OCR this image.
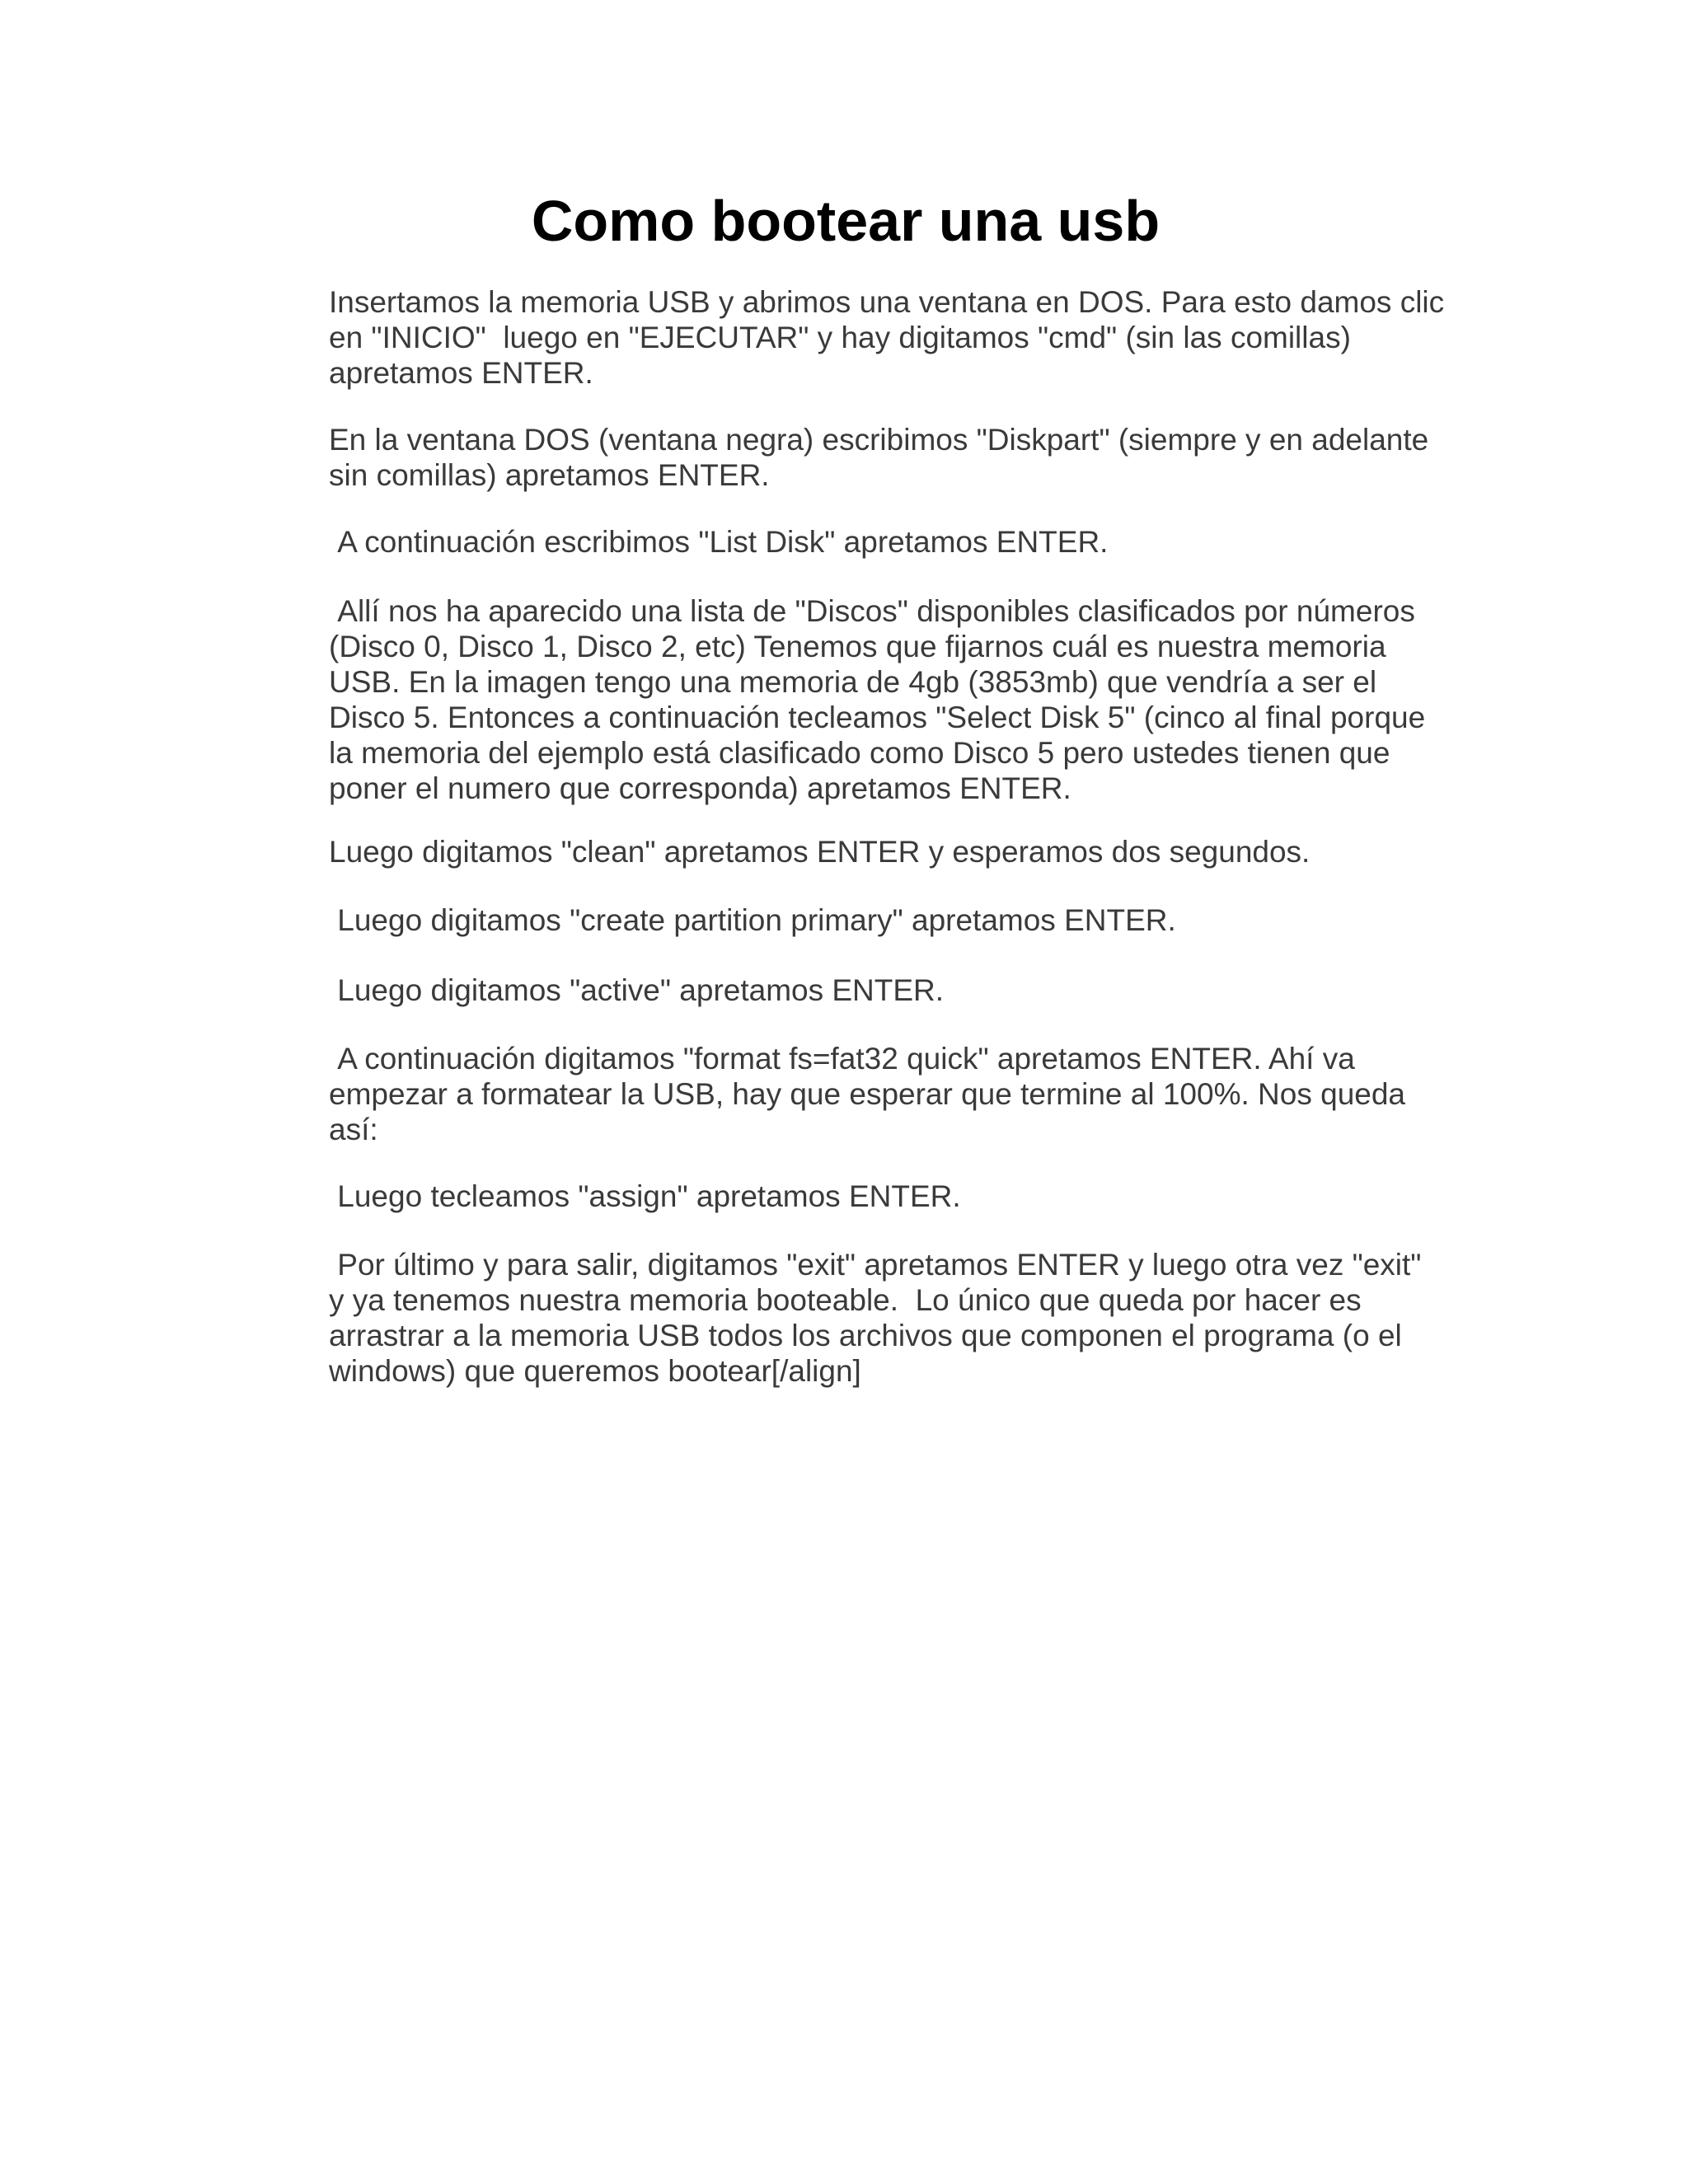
Como bootear una usb

Insertamos la memoria USB y abrimos una ventana en DOS. Para esto damos clic en "INICIO"  luego en "EJECUTAR" y hay digitamos "cmd" (sin las comillas) apretamos ENTER.

En la ventana DOS (ventana negra) escribimos "Diskpart" (siempre y en adelante sin comillas) apretamos ENTER.

A continuación escribimos "List Disk" apretamos ENTER.

Allí nos ha aparecido una lista de "Discos" disponibles clasificados por números (Disco 0, Disco 1, Disco 2, etc) Tenemos que fijarnos cuál es nuestra memoria USB. En la imagen tengo una memoria de 4gb (3853mb) que vendría a ser el Disco 5. Entonces a continuación tecleamos "Select Disk 5" (cinco al final porque la memoria del ejemplo está clasificado como Disco 5 pero ustedes tienen que poner el numero que corresponda) apretamos ENTER.

Luego digitamos "clean" apretamos ENTER y esperamos dos segundos.

Luego digitamos "create partition primary" apretamos ENTER.

Luego digitamos "active" apretamos ENTER.

A continuación digitamos "format fs=fat32 quick" apretamos ENTER. Ahí va empezar a formatear la USB, hay que esperar que termine al 100%. Nos queda así:

Luego tecleamos "assign" apretamos ENTER.

Por último y para salir, digitamos "exit" apretamos ENTER y luego otra vez "exit"  y ya tenemos nuestra memoria booteable.  Lo único que queda por hacer es arrastrar a la memoria USB todos los archivos que componen el programa (o el windows) que queremos bootear[/align]
